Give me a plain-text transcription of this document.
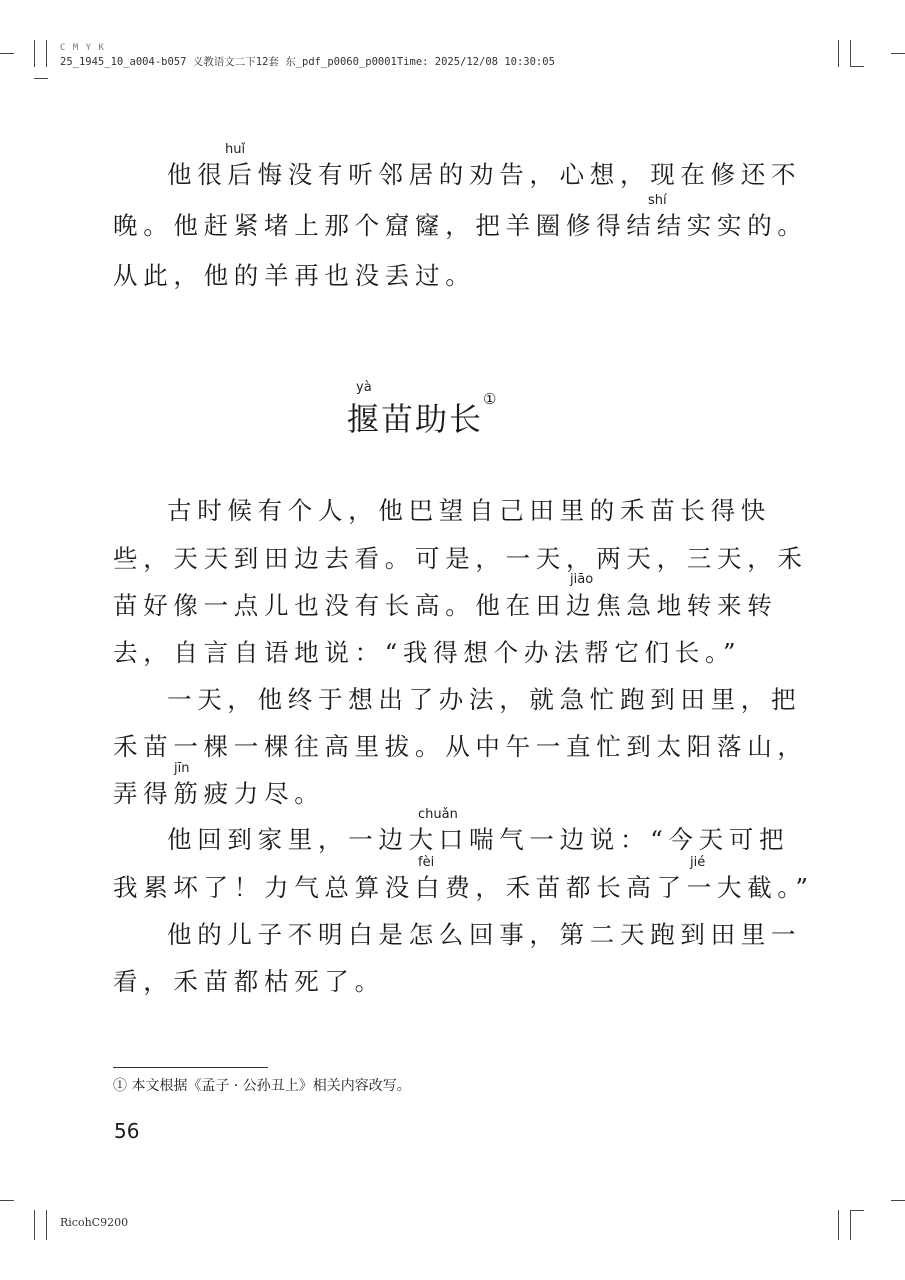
C M Y K
25_1945_10_a004-b057 义教语文二下12套 东_pdf_p0060_p0001Time: 2025/12/08 10:30:05
huǐ
他很后悔没有听邻居的劝告，心想，现在修还不
shí
晚。他赶紧堵上那个窟窿，把羊圈修得结结实实的。
从此，他的羊再也没丢过。
yà
揠苗助长①
古时候有个人，他巴望自己田里的禾苗长得快
些，天天到田边去看。可是，一天，两天，三天，禾
jiāo
苗好像一点儿也没有长高。他在田边焦急地转来转
去，自言自语地说：“我得想个办法帮它们长。”
一天，他终于想出了办法，就急忙跑到田里，把
禾苗一棵一棵往高里拔。从中午一直忙到太阳落山，
jīn
弄得筋疲力尽。
chuǎn
他回到家里，一边大口喘气一边说：“今天可把
fèi	jié
我累坏了！力气总算没白费，禾苗都长高了一大截。”
他的儿子不明白是怎么回事，第二天跑到田里一
看，禾苗都枯死了。
① 本文根据《孟子 · 公孙丑上》相关内容改写。
56
RicohC9200
